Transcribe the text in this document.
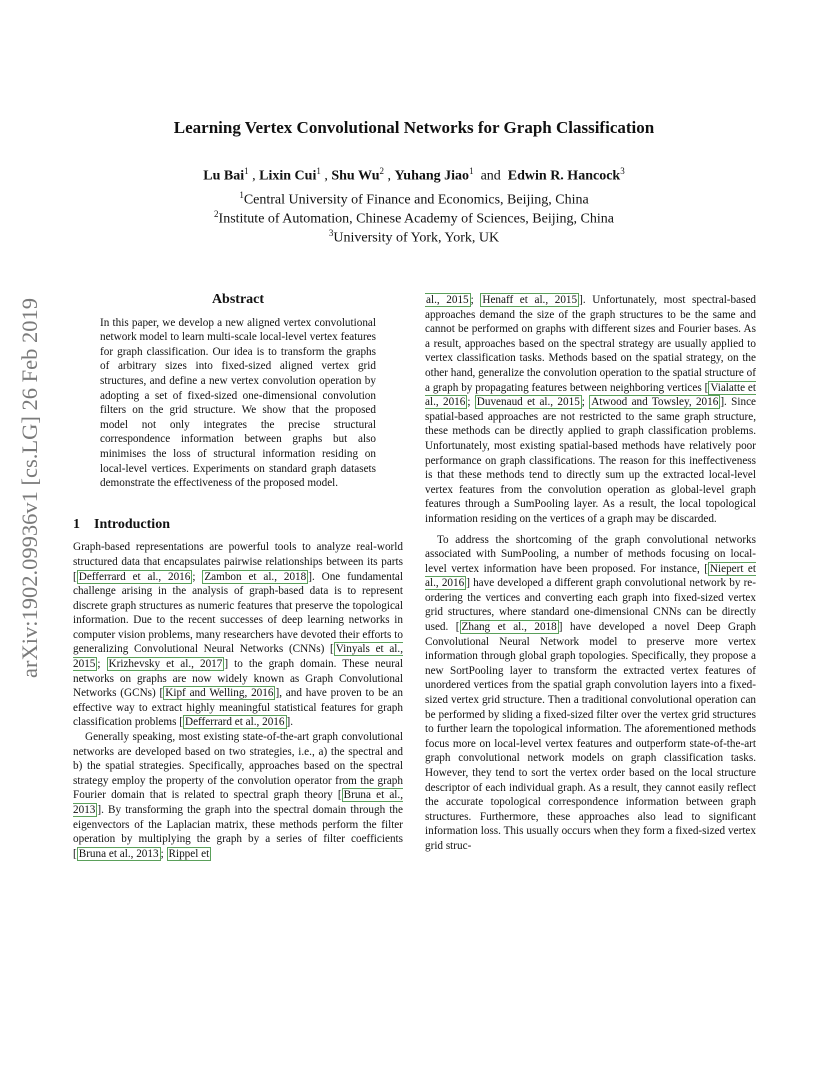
arXiv:1902.09936v1 [cs.LG] 26 Feb 2019
Learning Vertex Convolutional Networks for Graph Classification
Lu Bai$^1$ , Lixin Cui$^1$ , Shu Wu$^2$ , Yuhang Jiao$^1$ and Edwin R. Hancock$^3$
$^1$Central University of Finance and Economics, Beijing, China
$^2$Institute of Automation, Chinese Academy of Sciences, Beijing, China
$^3$University of York, York, UK
Abstract

In this paper, we develop a new aligned vertex convolutional network model to learn multi-scale local-level vertex features for graph classification. Our idea is to transform the graphs of arbitrary sizes into fixed-sized aligned vertex grid structures, and define a new vertex convolution operation by adopting a set of fixed-sized one-dimensional convolution filters on the grid structure. We show that the proposed model not only integrates the precise structural correspondence information between graphs but also minimises the loss of structural information residing on local-level vertices. Experiments on standard graph datasets demonstrate the effectiveness of the proposed model.

1 Introduction

Graph-based representations are powerful tools to analyze real-world structured data that encapsulates pairwise relationships between its parts [ Defferrard et al., 2016 ; Zambon et al., 2018 ]. One fundamental challenge arising in the analysis of graph-based data is to represent discrete graph structures as numeric features that preserve the topological information. Due to the recent successes of deep learning networks in computer vision problems, many researchers have devoted their efforts to generalizing Convolutional Neural Networks (CNNs) [ Vinyals et al., 2015 ; Krizhevsky et al., 2017 ] to the graph domain. These neural networks on graphs are now widely known as Graph Convolutional Networks (GCNs) [ Kipf and Welling, 2016 ], and have proven to be an effective way to extract highly meaningful statistical features for graph classification problems [ Defferrard et al., 2016 ].

Generally speaking, most existing state-of-the-art graph convolutional networks are developed based on two strategies, i.e., a) the spectral and b) the spatial strategies. Specifically, approaches based on the spectral strategy employ the property of the convolution operator from the graph Fourier domain that is related to spectral graph theory [ Bruna et al., 2013 ]. By transforming the graph into the spectral domain through the eigenvectors of the Laplacian matrix, these methods perform the filter operation by multiplying the graph by a series of filter coefficients [ Bruna et al., 2013 ; Rippel et

al., 2015 ; Henaff et al., 2015 ]. Unfortunately, most spectral-based approaches demand the size of the graph structures to be the same and cannot be performed on graphs with different sizes and Fourier bases. As a result, approaches based on the spectral strategy are usually applied to vertex classification tasks. Methods based on the spatial strategy, on the other hand, generalize the convolution operation to the spatial structure of a graph by propagating features between neighboring vertices [ Vialatte et al., 2016 ; Duvenaud et al., 2015 ; Atwood and Towsley, 2016 ]. Since spatial-based approaches are not restricted to the same graph structure, these methods can be directly applied to graph classification problems. Unfortunately, most existing spatial-based methods have relatively poor performance on graph classifications. The reason for this ineffectiveness is that these methods tend to directly sum up the extracted local-level vertex features from the convolution operation as global-level graph features through a SumPooling layer. As a result, the local topological information residing on the vertices of a graph may be discarded.

To address the shortcoming of the graph convolutional networks associated with SumPooling, a number of methods focusing on local-level vertex information have been proposed. For instance, [ Niepert et al., 2016 ] have developed a different graph convolutional network by re-ordering the vertices and converting each graph into fixed-sized vertex grid structures, where standard one-dimensional CNNs can be directly used. [ Zhang et al., 2018 ] have developed a novel Deep Graph Convolutional Neural Network model to preserve more vertex information through global graph topologies. Specifically, they propose a new SortPooling layer to transform the extracted vertex features of unordered vertices from the spatial graph convolution layers into a fixed-sized vertex grid structure. Then a traditional convolutional operation can be performed by sliding a fixed-sized filter over the vertex grid structures to further learn the topological information. The aforementioned methods focus more on local-level vertex features and outperform state-of-the-art graph convolutional network models on graph classification tasks. However, they tend to sort the vertex order based on the local structure descriptor of each individual graph. As a result, they cannot easily reflect the accurate topological correspondence information between graph structures. Furthermore, these approaches also lead to significant information loss. This usually occurs when they form a fixed-sized vertex grid struc-
